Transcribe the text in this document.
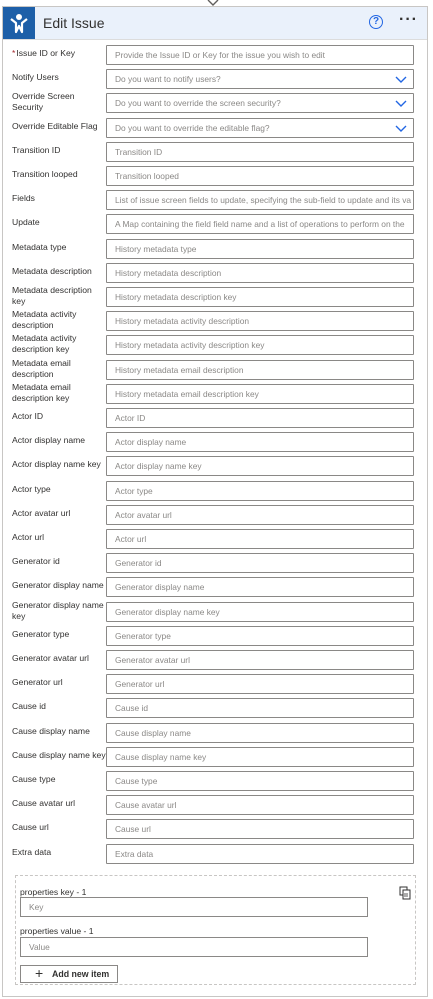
Edit Issue	? ···
*Issue ID or Key	Provide the Issue ID or Key for the issue you wish to edit
Notify Users	Do you want to notify users?
Override Screen Security	Do you want to override the screen security?
Override Editable Flag	Do you want to override the editable flag?
Transition ID	Transition ID
Transition looped	Transition looped
Fields	List of issue screen fields to update, specifying the sub-field to update and its va
Update	A Map containing the field field name and a list of operations to perform on the
Metadata type	History metadata type
Metadata description	History metadata description
Metadata description key	History metadata description key
Metadata activity description	History metadata activity description
Metadata activity description key	History metadata activity description key
Metadata email description	History metadata email description
Metadata email description key	History metadata email description key
Actor ID	Actor ID
Actor display name	Actor display name
Actor display name key	Actor display name key
Actor type	Actor type
Actor avatar url	Actor avatar url
Actor url	Actor url
Generator id	Generator id
Generator display name	Generator display name
Generator display name key	Generator display name key
Generator type	Generator type
Generator avatar url	Generator avatar url
Generator url	Generator url
Cause id	Cause id
Cause display name	Cause display name
Cause display name key	Cause display name key
Cause type	Cause type
Cause avatar url	Cause avatar url
Cause url	Cause url
Extra data	Extra data
properties key - 1
Key
properties value - 1
Value
+ Add new item
